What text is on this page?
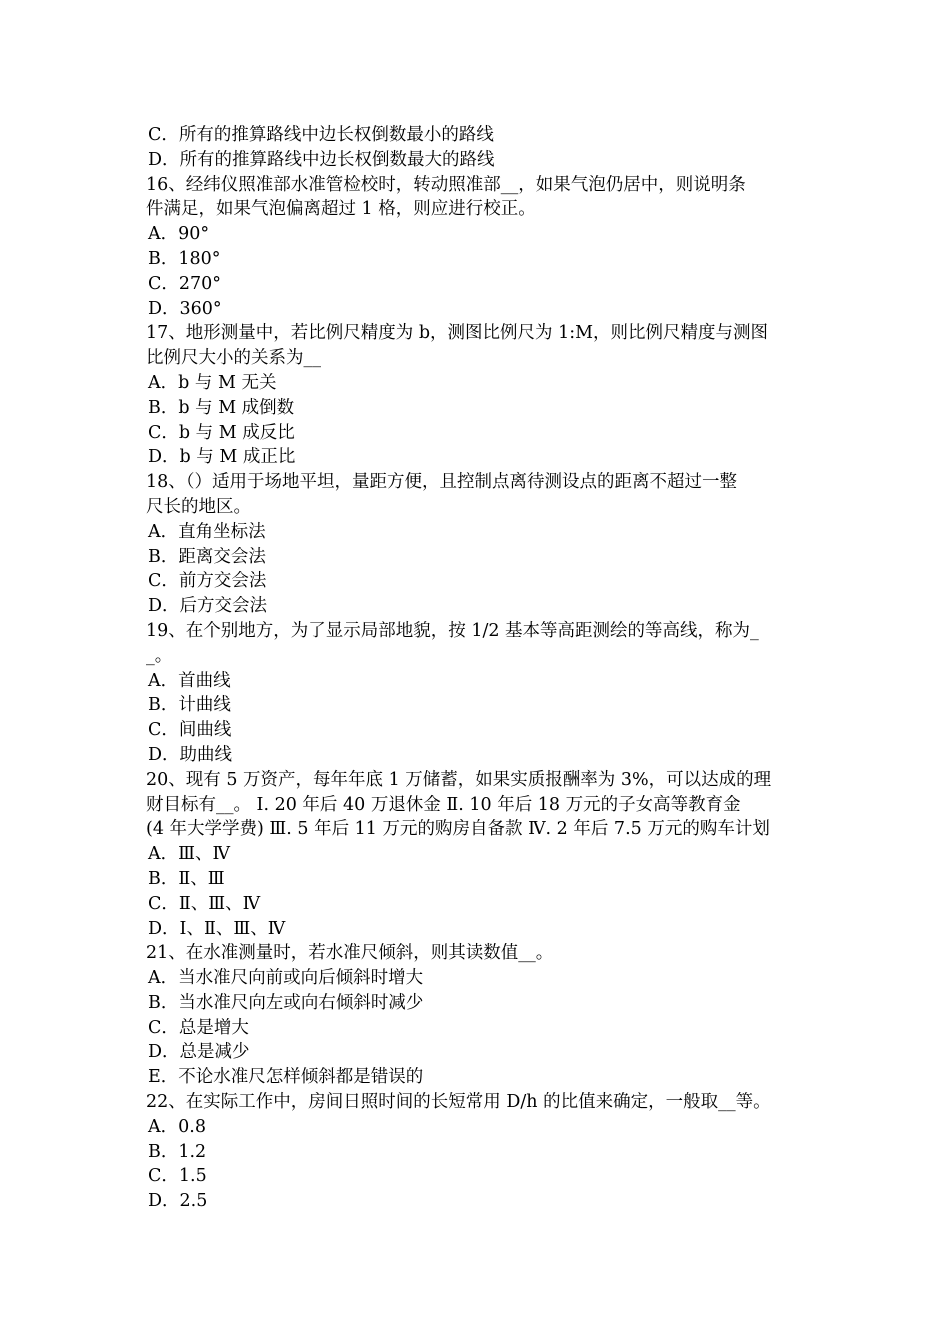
C．所有的推算路线中边长权倒数最小的路线
D．所有的推算路线中边长权倒数最大的路线
16、经纬仪照准部水准管检校时，转动照准部__，如果气泡仍居中，则说明条
件满足，如果气泡偏离超过 1 格，则应进行校正。
A．90°
B．180°
C．270°
D．360°
17、地形测量中，若比例尺精度为 b，测图比例尺为 1:M，则比例尺精度与测图
比例尺大小的关系为__
A．b 与 M 无关
B．b 与 M 成倒数
C．b 与 M 成反比
D．b 与 M 成正比
18、（）适用于场地平坦，量距方便，且控制点离待测设点的距离不超过一整
尺长的地区。
A．直角坐标法
B．距离交会法
C．前方交会法
D．后方交会法
19、在个别地方，为了显示局部地貌，按 1/2 基本等高距测绘的等高线，称为_
_。
A．首曲线
B．计曲线
C．间曲线
D．助曲线
20、现有 5 万资产，每年年底 1 万储蓄，如果实质报酬率为 3%，可以达成的理
财目标有__。 Ⅰ. 20 年后 40 万退休金 Ⅱ. 10 年后 18 万元的子女高等教育金
(4 年大学学费) Ⅲ. 5 年后 11 万元的购房自备款 Ⅳ. 2 年后 7.5 万元的购车计划
A．Ⅲ、Ⅳ
B．Ⅱ、Ⅲ
C．Ⅱ、Ⅲ、Ⅳ
D．Ⅰ、Ⅱ、Ⅲ、Ⅳ
21、在水准测量时，若水准尺倾斜，则其读数值__。
A．当水准尺向前或向后倾斜时增大
B．当水准尺向左或向右倾斜时减少
C．总是增大
D．总是减少
E．不论水准尺怎样倾斜都是错误的
22、在实际工作中，房间日照时间的长短常用 D/h 的比值来确定，一般取__等。
A．0.8
B．1.2
C．1.5
D．2.5
